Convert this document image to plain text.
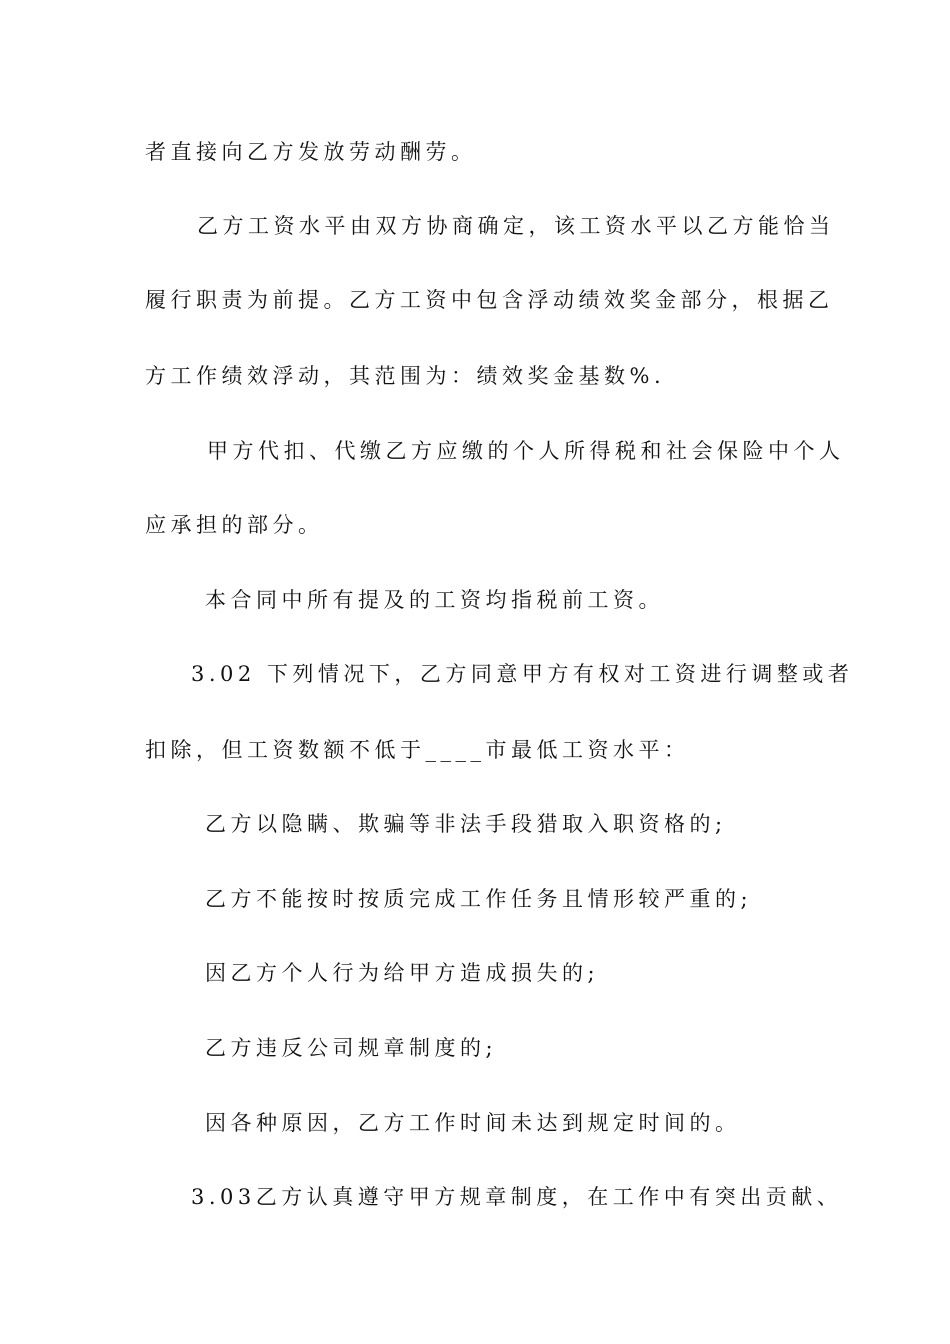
者直接向乙方发放劳动酬劳。
乙方工资水平由双方协商确定，该工资水平以乙方能恰当
履行职责为前提。乙方工资中包含浮动绩效奖金部分，根据乙
方工作绩效浮动，其范围为：绩效奖金基数%.
甲方代扣、代缴乙方应缴的个人所得税和社会保险中个人
应承担的部分。
本合同中所有提及的工资均指税前工资。
3.02 下列情况下，乙方同意甲方有权对工资进行调整或者
扣除，但工资数额不低于____市最低工资水平：
乙方以隐瞒、欺骗等非法手段猎取入职资格的;
乙方不能按时按质完成工作任务且情形较严重的;
因乙方个人行为给甲方造成损失的;
乙方违反公司规章制度的;
因各种原因，乙方工作时间未达到规定时间的。
3.03乙方认真遵守甲方规章制度，在工作中有突出贡献、
